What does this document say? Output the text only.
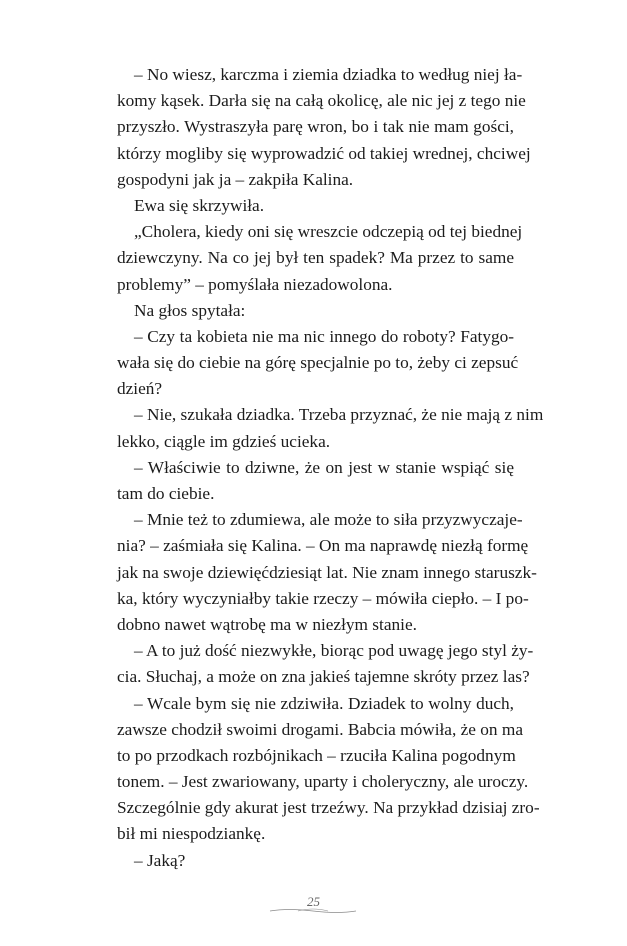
– No wiesz, karczma i ziemia dziadka to według niej ła-
komy kąsek. Darła się na całą okolicę, ale nic jej z tego nie
przyszło. Wystraszyła parę wron, bo i tak nie mam gości,
którzy mogliby się wyprowadzić od takiej wrednej, chciwej
gospodyni jak ja – zakpiła Kalina.
Ewa się skrzywiła.
„Cholera, kiedy oni się wreszcie odczepią od tej biednej
dziewczyny. Na co jej był ten spadek? Ma przez to same
problemy” – pomyślała niezadowolona.
Na głos spytała:
– Czy ta kobieta nie ma nic innego do roboty? Fatygo-
wała się do ciebie na górę specjalnie po to, żeby ci zepsuć
dzień?
– Nie, szukała dziadka. Trzeba przyznać, że nie mają z nim
lekko, ciągle im gdzieś ucieka.
– Właściwie to dziwne, że on jest w stanie wspiąć się
tam do ciebie.
– Mnie też to zdumiewa, ale może to siła przyzwyczaje-
nia? – zaśmiała się Kalina. – On ma naprawdę niezłą formę
jak na swoje dziewięćdziesiąt lat. Nie znam innego staruszk-
ka, który wyczyniałby takie rzeczy – mówiła ciepło. – I po-
dobno nawet wątrobę ma w niezłym stanie.
– A to już dość niezwykłe, biorąc pod uwagę jego styl ży-
cia. Słuchaj, a może on zna jakieś tajemne skróty przez las?
– Wcale bym się nie zdziwiła. Dziadek to wolny duch,
zawsze chodził swoimi drogami. Babcia mówiła, że on ma
to po przodkach rozbójnikach – rzuciła Kalina pogodnym
tonem. – Jest zwariowany, uparty i choleryczny, ale uroczy.
Szczególnie gdy akurat jest trzeźwy. Na przykład dzisiaj zro-
bił mi niespodziankę.
– Jaką?
25
